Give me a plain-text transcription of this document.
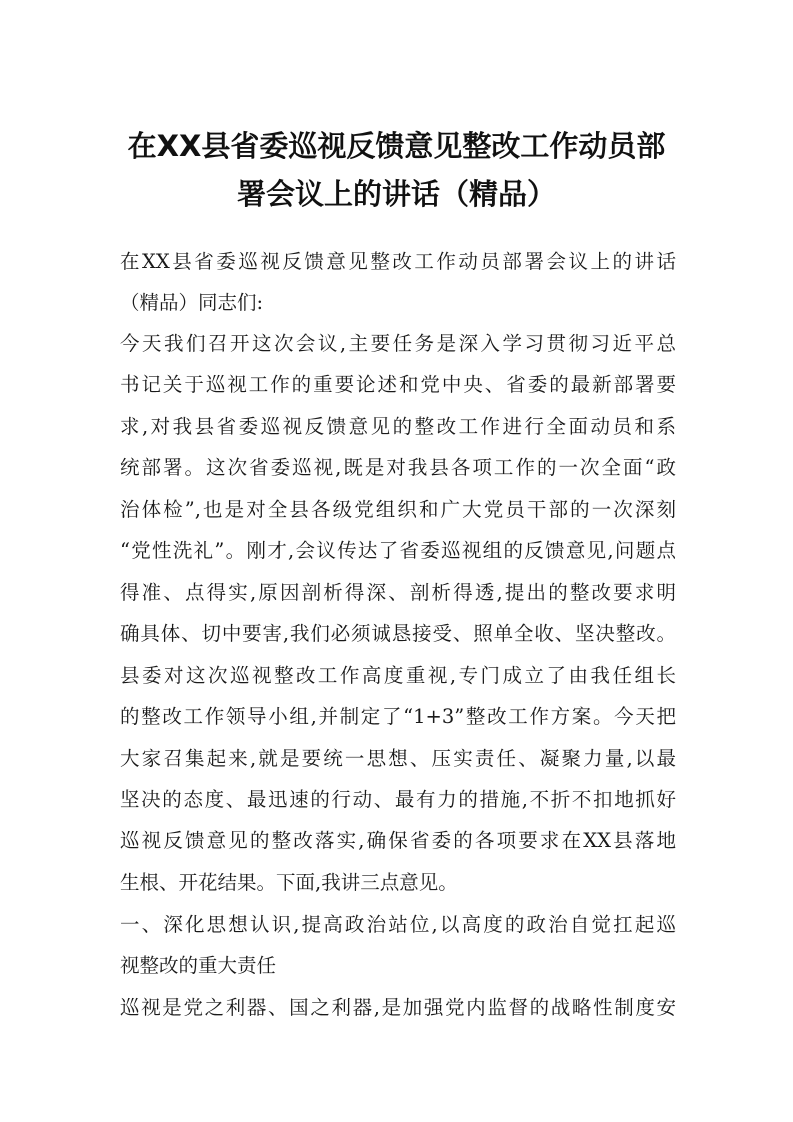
在XX县省委巡视反馈意见整改工作动员部
署会议上的讲话（精品）
在XX县省委巡视反馈意见整改工作动员部署会议上的讲话
（精品）同志们:
今天我们召开这次会议,主要任务是深入学习贯彻习近平总
书记关于巡视工作的重要论述和党中央、省委的最新部署要
求,对我县省委巡视反馈意见的整改工作进行全面动员和系
统部署。这次省委巡视,既是对我县各项工作的一次全面“政
治体检”,也是对全县各级党组织和广大党员干部的一次深刻
“党性洗礼”。刚才,会议传达了省委巡视组的反馈意见,问题点
得准、点得实,原因剖析得深、剖析得透,提出的整改要求明
确具体、切中要害,我们必须诚恳接受、照单全收、坚决整改。
县委对这次巡视整改工作高度重视,专门成立了由我任组长
的整改工作领导小组,并制定了“1+3”整改工作方案。今天把
大家召集起来,就是要统一思想、压实责任、凝聚力量,以最
坚决的态度、最迅速的行动、最有力的措施,不折不扣地抓好
巡视反馈意见的整改落实,确保省委的各项要求在XX县落地
生根、开花结果。下面,我讲三点意见。
一、深化思想认识,提高政治站位,以高度的政治自觉扛起巡
视整改的重大责任
巡视是党之利器、国之利器,是加强党内监督的战略性制度安
